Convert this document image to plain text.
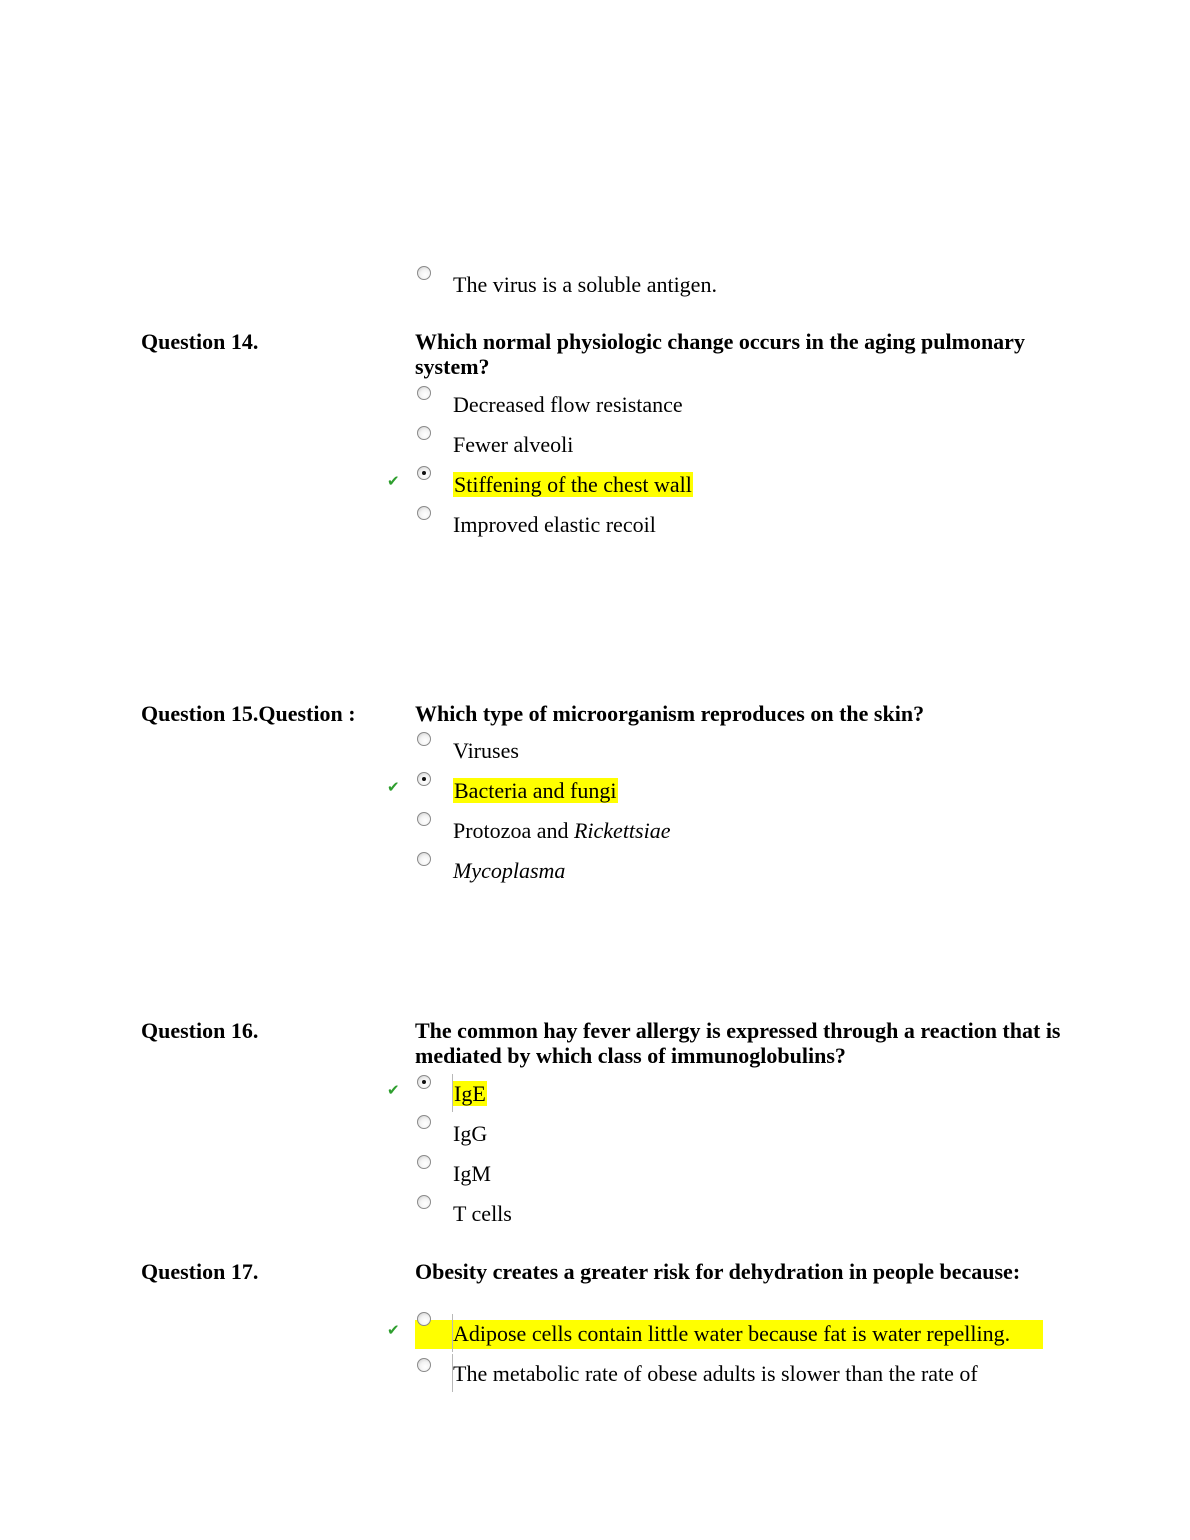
The virus is a soluble antigen.
Question 14.	Which normal physiologic change occurs in the aging pulmonary system?
Decreased flow resistance
Fewer alveoli
✔ Stiffening of the chest wall
Improved elastic recoil
Question 15.Question :	Which type of microorganism reproduces on the skin?
Viruses
✔ Bacteria and fungi
Protozoa and Rickettsiae
Mycoplasma
Question 16.	The common hay fever allergy is expressed through a reaction that is mediated by which class of immunoglobulins?
✔ IgE
IgG
IgM
T cells
Question 17.	Obesity creates a greater risk for dehydration in people because:
✔ Adipose cells contain little water because fat is water repelling.
The metabolic rate of obese adults is slower than the rate of
